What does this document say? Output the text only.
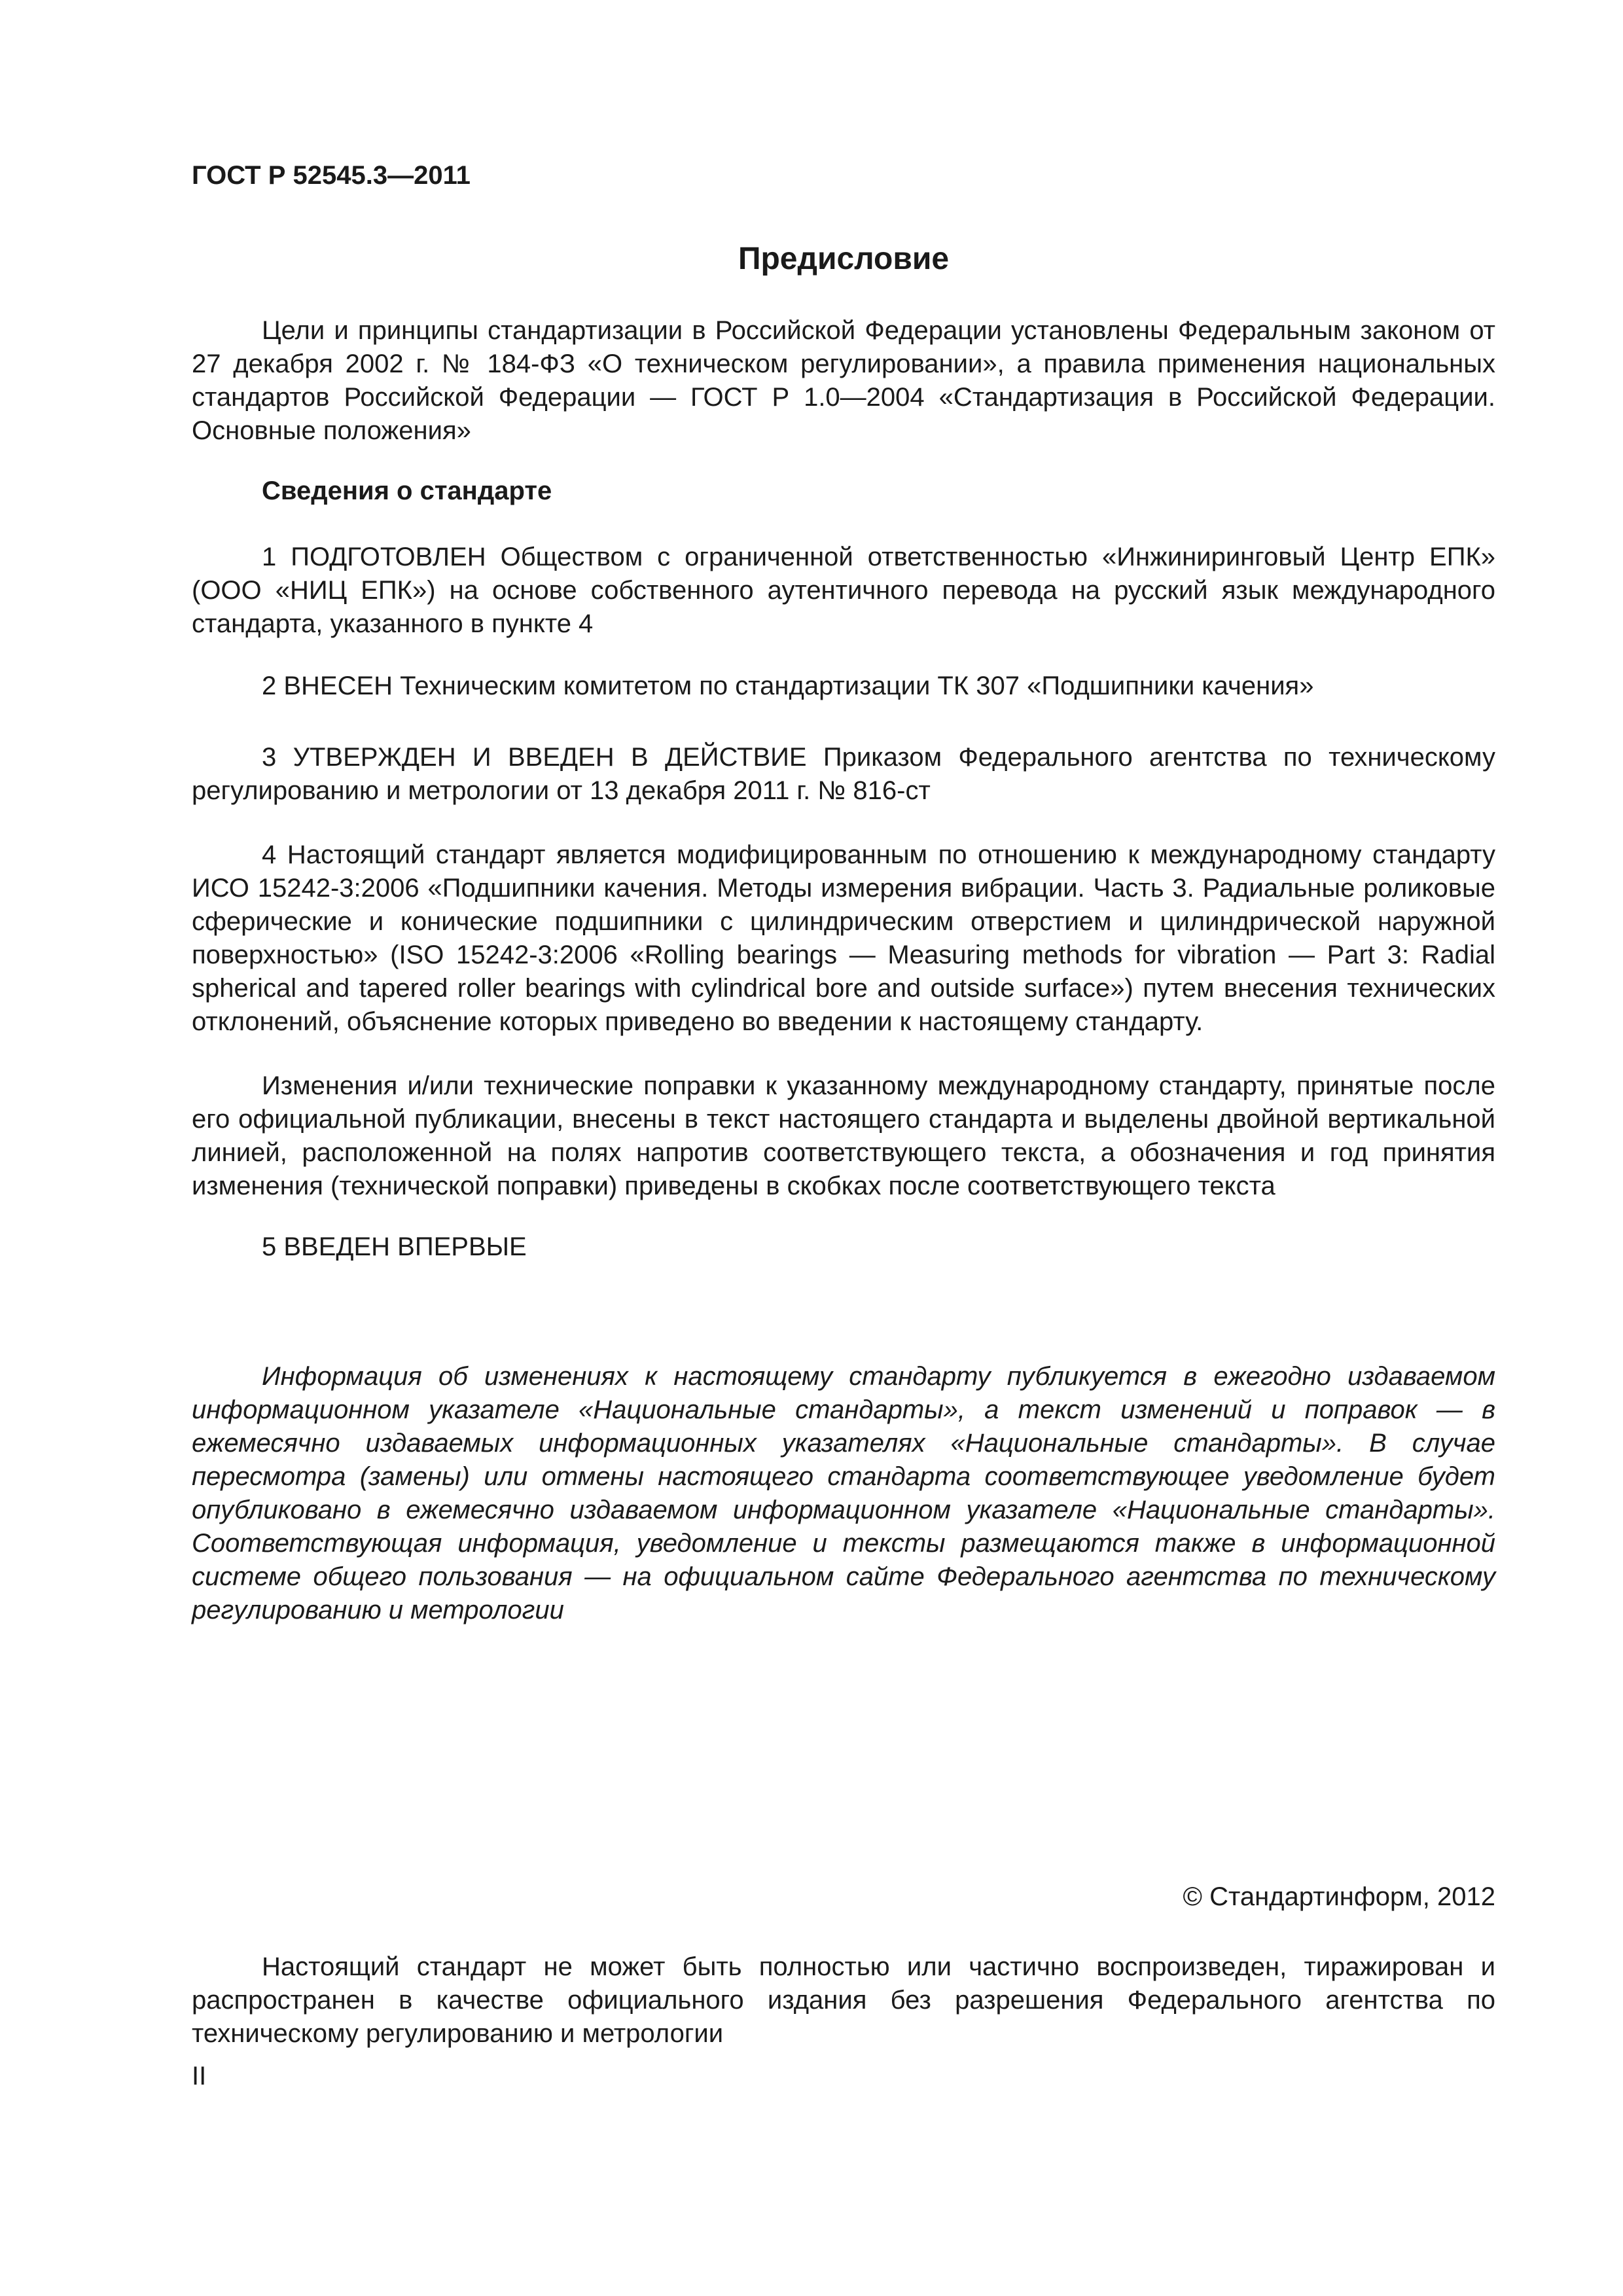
ГОСТ Р 52545.3—2011
Предисловие

Цели и принципы стандартизации в Российской Федерации установлены Федеральным законом от 27 декабря 2002 г. № 184-ФЗ «О техническом регулировании», а правила применения национальных стандартов Российской Федерации — ГОСТ Р 1.0—2004 «Стандартизация в Российской Федерации. Основные положения»

Сведения о стандарте

1 ПОДГОТОВЛЕН Обществом с ограниченной ответственностью «Инжиниринговый Центр ЕПК» (ООО «НИЦ ЕПК») на основе собственного аутентичного перевода на русский язык международного стандарта, указанного в пункте 4

2 ВНЕСЕН Техническим комитетом по стандартизации ТК 307 «Подшипники качения»

3 УТВЕРЖДЕН И ВВЕДЕН В ДЕЙСТВИЕ Приказом Федерального агентства по техническому регулированию и метрологии от 13 декабря 2011 г. № 816-ст

4 Настоящий стандарт является модифицированным по отношению к международному стандарту ИСО 15242-3:2006 «Подшипники качения. Методы измерения вибрации. Часть 3. Радиальные роликовые сферические и конические подшипники с цилиндрическим отверстием и цилиндрической наружной поверхностью» (ISO 15242-3:2006 «Rolling bearings — Measuring methods for vibration — Part 3: Radial spherical and tapered roller bearings with cylindrical bore and outside surface») путем внесения технических отклонений, объяснение которых приведено во введении к настоящему стандарту.

Изменения и/или технические поправки к указанному международному стандарту, принятые после его официальной публикации, внесены в текст настоящего стандарта и выделены двойной вертикальной линией, расположенной на полях напротив соответствующего текста, а обозначения и год принятия изменения (технической поправки) приведены в скобках после соответствующего текста

5 ВВЕДЕН ВПЕРВЫЕ

Информация об изменениях к настоящему стандарту публикуется в ежегодно издаваемом информационном указателе «Национальные стандарты», а текст изменений и поправок — в ежемесячно издаваемых информационных указателях «Национальные стандарты». В случае пересмотра (замены) или отмены настоящего стандарта соответствующее уведомление будет опубликовано в ежемесячно издаваемом информационном указателе «Национальные стандарты». Соответствующая информация, уведомление и тексты размещаются также в информационной системе общего пользования — на официальном сайте Федерального агентства по техническому регулированию и метрологии

© Стандартинформ, 2012

Настоящий стандарт не может быть полностью или частично воспроизведен, тиражирован и распространен в качестве официального издания без разрешения Федерального агентства по техническому регулированию и метрологии

II
